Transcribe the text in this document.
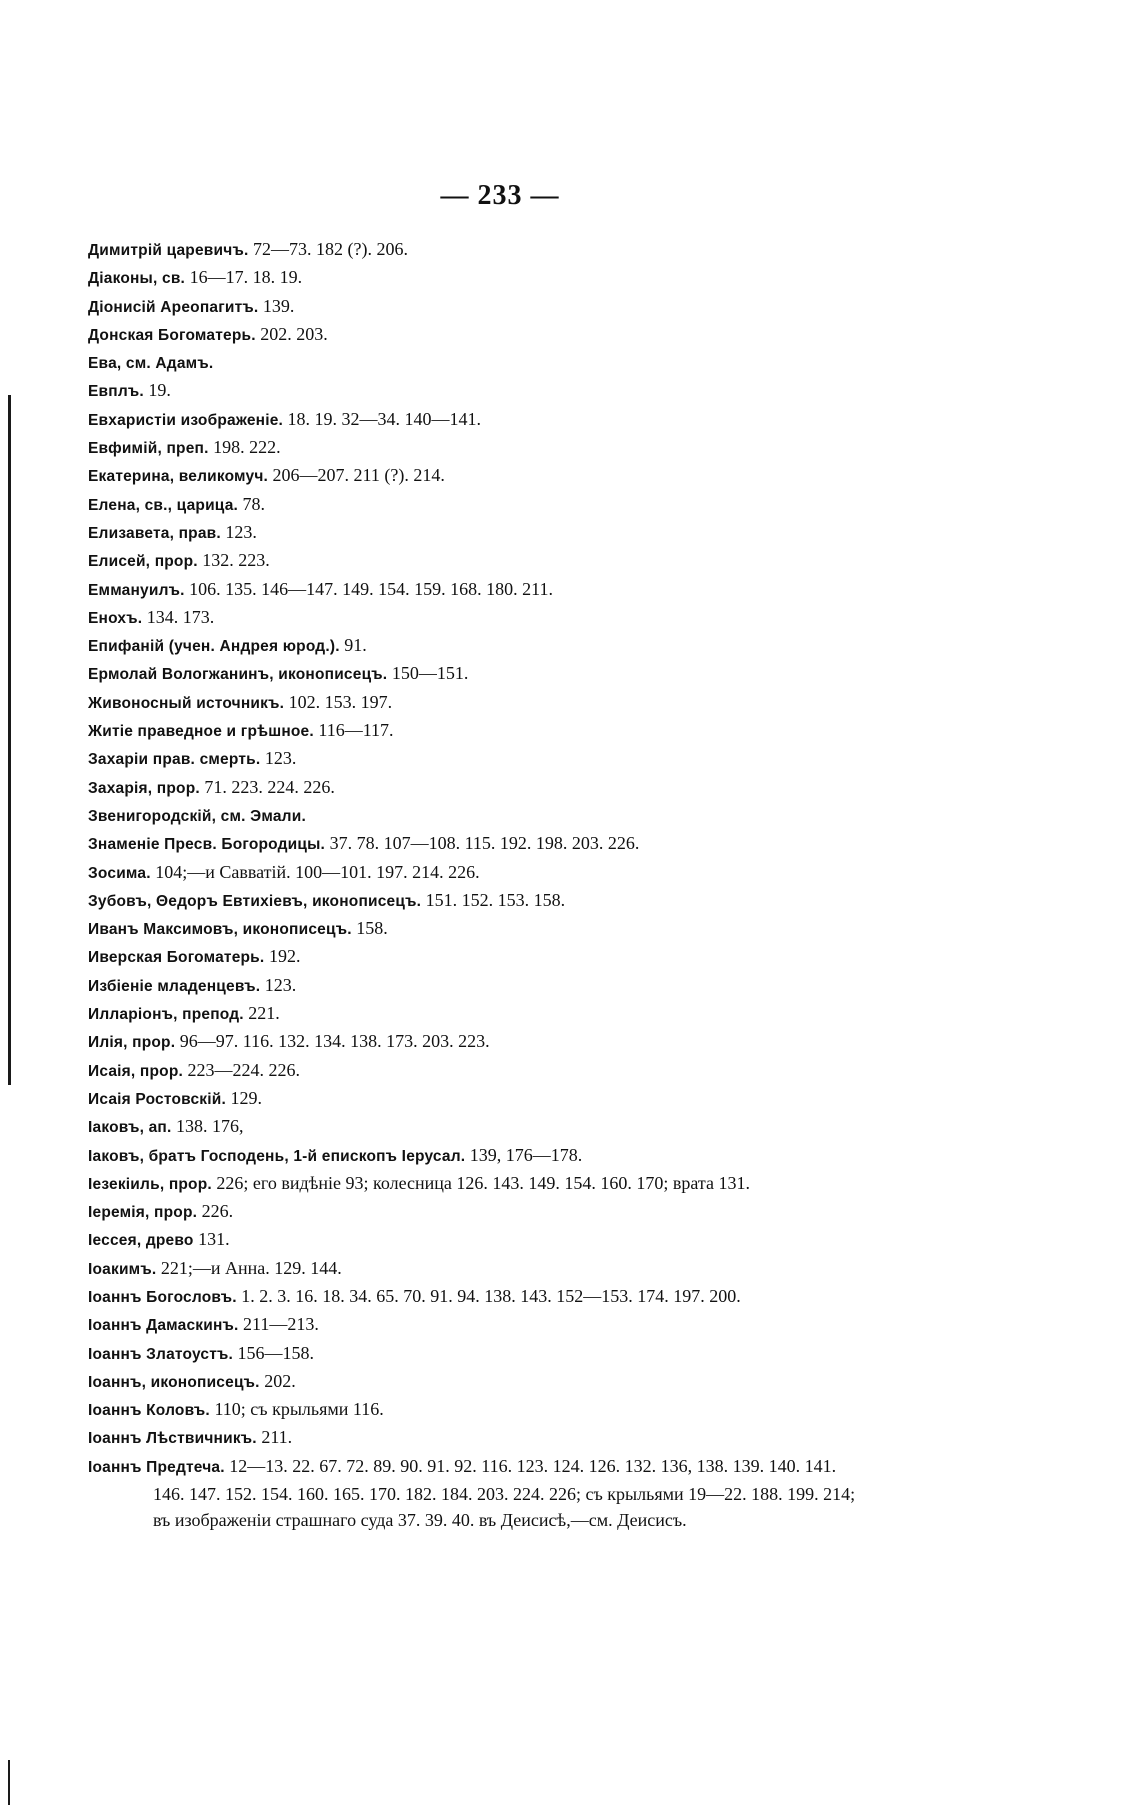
— 233 —
Димитрій царевичъ. 72—73. 182 (?). 206.
Діаконы, св. 16—17. 18. 19.
Діонисій Ареопагитъ. 139.
Донская Богоматерь. 202. 203.
Ева, см. Адамъ.
Евплъ. 19.
Евхаристіи изображеніе. 18. 19. 32—34. 140—141.
Евфимій, преп. 198. 222.
Екатерина, великомуч. 206—207. 211 (?). 214.
Елена, св., царица. 78.
Елизавета, прав. 123.
Елисей, прор. 132. 223.
Еммануилъ. 106. 135. 146—147. 149. 154. 159. 168. 180. 211.
Енохъ. 134. 173.
Епифаній (учен. Андрея юрод.). 91.
Ермолай Вологжанинъ, иконописецъ. 150—151.
Живоносный источникъ. 102. 153. 197.
Житіе праведное и грѣшное. 116—117.
Захаріи прав. смерть. 123.
Захарія, прор. 71. 223. 224. 226.
Звенигородскій, см. Эмали.
Знаменіе Пресв. Богородицы. 37. 78. 107—108. 115. 192. 198. 203. 226.
Зосима. 104;—и Савватій. 100—101. 197. 214. 226.
Зубовъ, Θедоръ Евтихіевъ, иконописецъ. 151. 152. 153. 158.
Иванъ Максимовъ, иконописецъ. 158.
Иверская Богоматерь. 192.
Избіеніе младенцевъ. 123.
Илларіонъ, препод. 221.
Илія, прор. 96—97. 116. 132. 134. 138. 173. 203. 223.
Исаія, прор. 223—224. 226.
Исаія Ростовскій. 129.
Іаковъ, ап. 138. 176,
Іаковъ, братъ Господень, 1-й епископъ Іерусал. 139, 176—178.
Іезекіиль, прор. 226; его видѣніе 93; колесница 126. 143. 149. 154. 160. 170; врата 131.
Іеремія, прор. 226.
Іессея, древо 131.
Іоакимъ. 221;—и Анна. 129. 144.
Іоаннъ Богословъ. 1. 2. 3. 16. 18. 34. 65. 70. 91. 94. 138. 143. 152—153. 174. 197. 200.
Іоаннъ Дамаскинъ. 211—213.
Іоаннъ Златоустъ. 156—158.
Іоаннъ, иконописецъ. 202.
Іоаннъ Коловъ. 110; съ крыльями 116.
Іоаннъ Лѣствичникъ. 211.
Іоаннъ Предтеча. 12—13. 22. 67. 72. 89. 90. 91. 92. 116. 123. 124. 126. 132. 136, 138. 139. 140. 141. 146. 147. 152. 154. 160. 165. 170. 182. 184. 203. 224. 226; съ крыльями 19—22. 188. 199. 214; въ изображеніи страшнаго суда 37. 39. 40. въ Деисисѣ,—см. Деисисъ.
